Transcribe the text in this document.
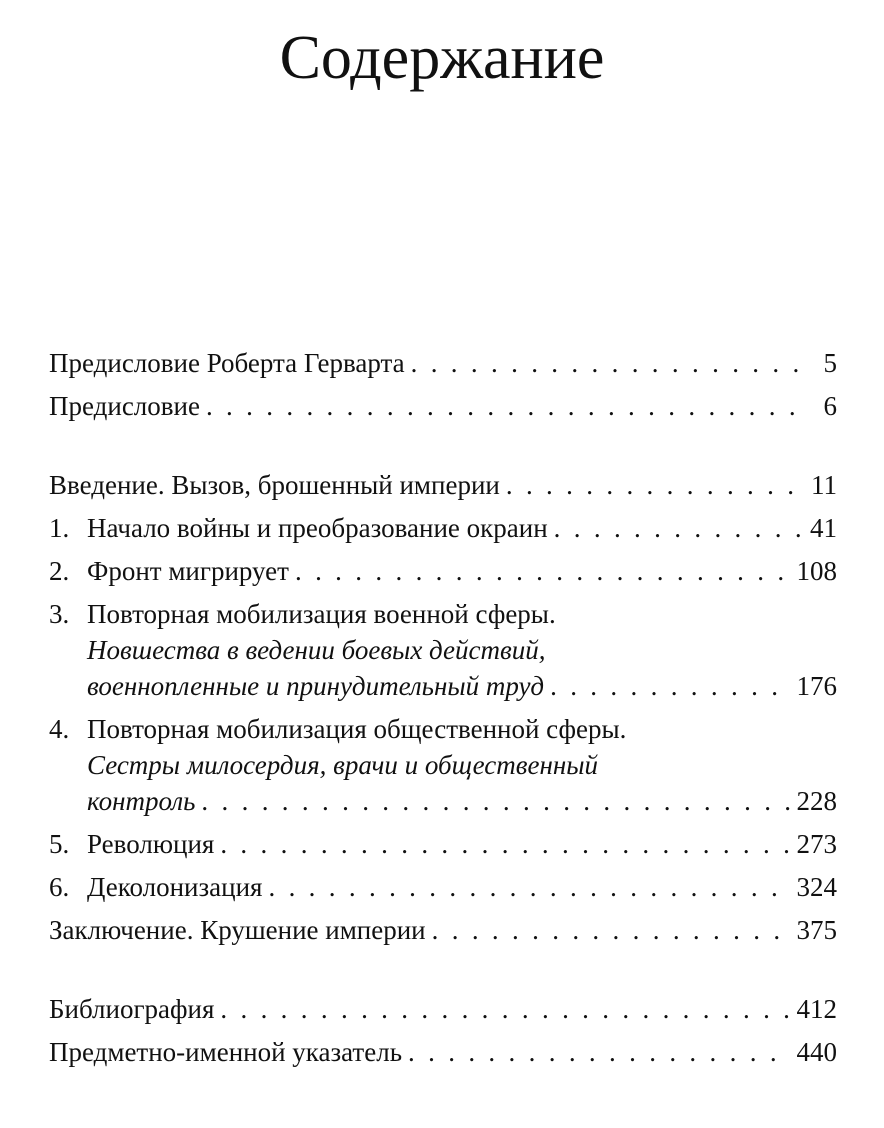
Содержание
Предисловие Роберта Герварта . . .	5
Предисловие . . .	6
Введение. Вызов, брошенный империи . . .	11
1. Начало войны и преобразование окраин . . .	41
2. Фронт мигрирует . . .	108
3. Повторная мобилизация военной сферы.
Новшества в ведении боевых действий,
военнопленные и принудительный труд . . .	176
4. Повторная мобилизация общественной сферы.
Сестры милосердия, врачи и общественный
контроль . . .	228
5. Революция . . .	273
6. Деколонизация . . .	324
Заключение. Крушение империи . . .	375
Библиография . . .	412
Предметно-именной указатель . . .	440
